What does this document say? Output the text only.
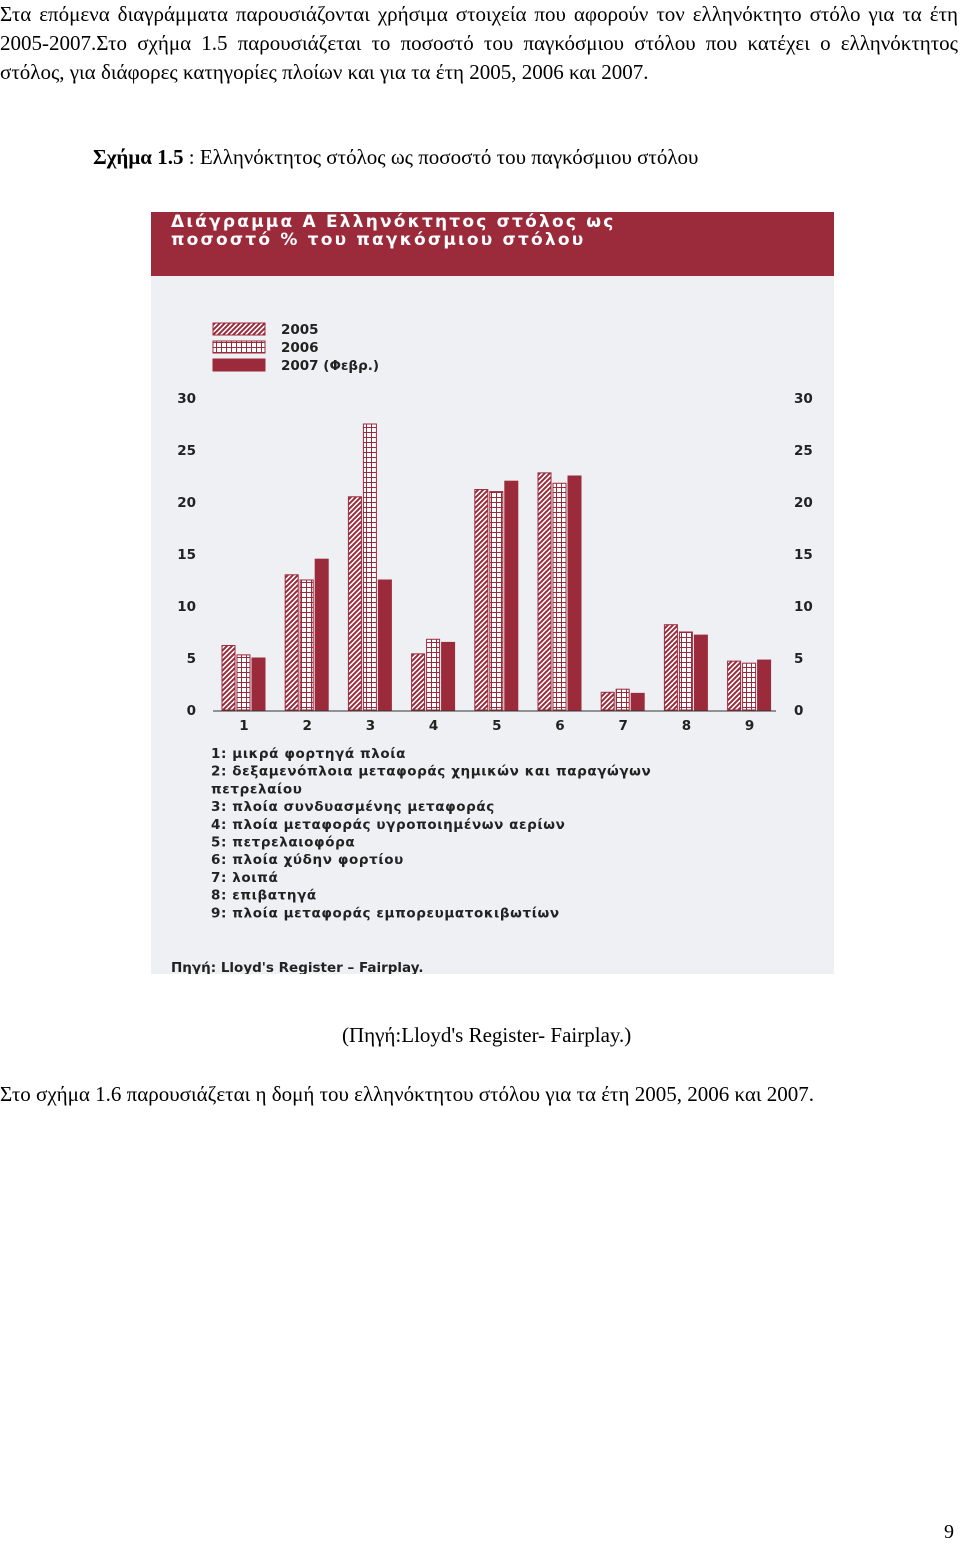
Στα επόμενα διαγράμματα παρουσιάζονται χρήσιμα στοιχεία που αφορούν τον ελληνόκτητο στόλο για τα έτη 2005-2007.Στο σχήμα 1.5 παρουσιάζεται το ποσοστό του παγκόσμιου στόλου που κατέχει ο ελληνόκτητος στόλος, για διάφορες κατηγορίες πλοίων και για τα έτη 2005, 2006 και 2007.

Σχήμα 1.5 : Ελληνόκτητος στόλος ως ποσοστό του παγκόσμιου στόλου

Διάγραμμα Α Ελληνόκτητος στόλος ως
ποσοστό % του παγκόσμιου στόλου
2005
2006
2007 (Φεβρ.)
0	0
5	5
10	10
15	15
20	20
25	25
30	30
1	2	3	4	5	6	7	8	9
1: μικρά φορτηγά πλοία
2: δεξαμενόπλοια μεταφοράς χημικών και παραγώγων
πετρελαίου
3: πλοία συνδυασμένης μεταφοράς
4: πλοία μεταφοράς υγροποιημένων αερίων
5: πετρελαιοφόρα
6: πλοία χύδην φορτίου
7: λοιπά
8: επιβατηγά
9: πλοία μεταφοράς εμπορευματοκιβωτίων
Πηγή: Lloyd's Register – Fairplay.

(Πηγή:Lloyd's Register- Fairplay.)

Στο σχήμα 1.6 παρουσιάζεται η δομή του ελληνόκτητου στόλου για τα έτη 2005, 2006 και 2007.

9
